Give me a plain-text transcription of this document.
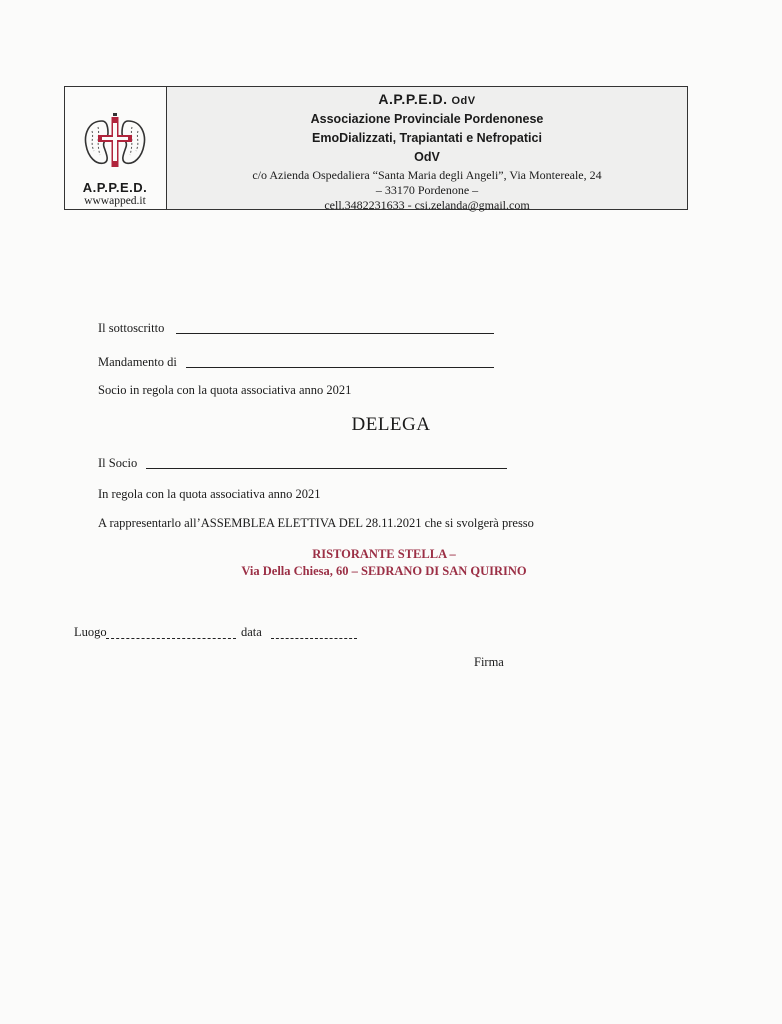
A.P.P.E.D.
wwwapped.it
A.P.P.E.D. OdV
Associazione Provinciale Pordenonese
EmoDializzati, Trapiantati e Nefropatici
OdV
c/o Azienda Ospedaliera “Santa Maria degli Angeli”, Via Montereale, 24
– 33170 Pordenone –
cell.3482231633 - csi.zelanda@gmail.com
Il sottoscritto
Mandamento di
Socio in regola con la quota associativa anno 2021
DELEGA
Il Socio
In regola con la quota associativa anno 2021
A rappresentarlo all’ASSEMBLEA ELETTIVA DEL 28.11.2021 che si svolgerà presso
RISTORANTE STELLA –
Via Della Chiesa, 60 – SEDRANO DI SAN QUIRINO
Luogo	data
Firma
